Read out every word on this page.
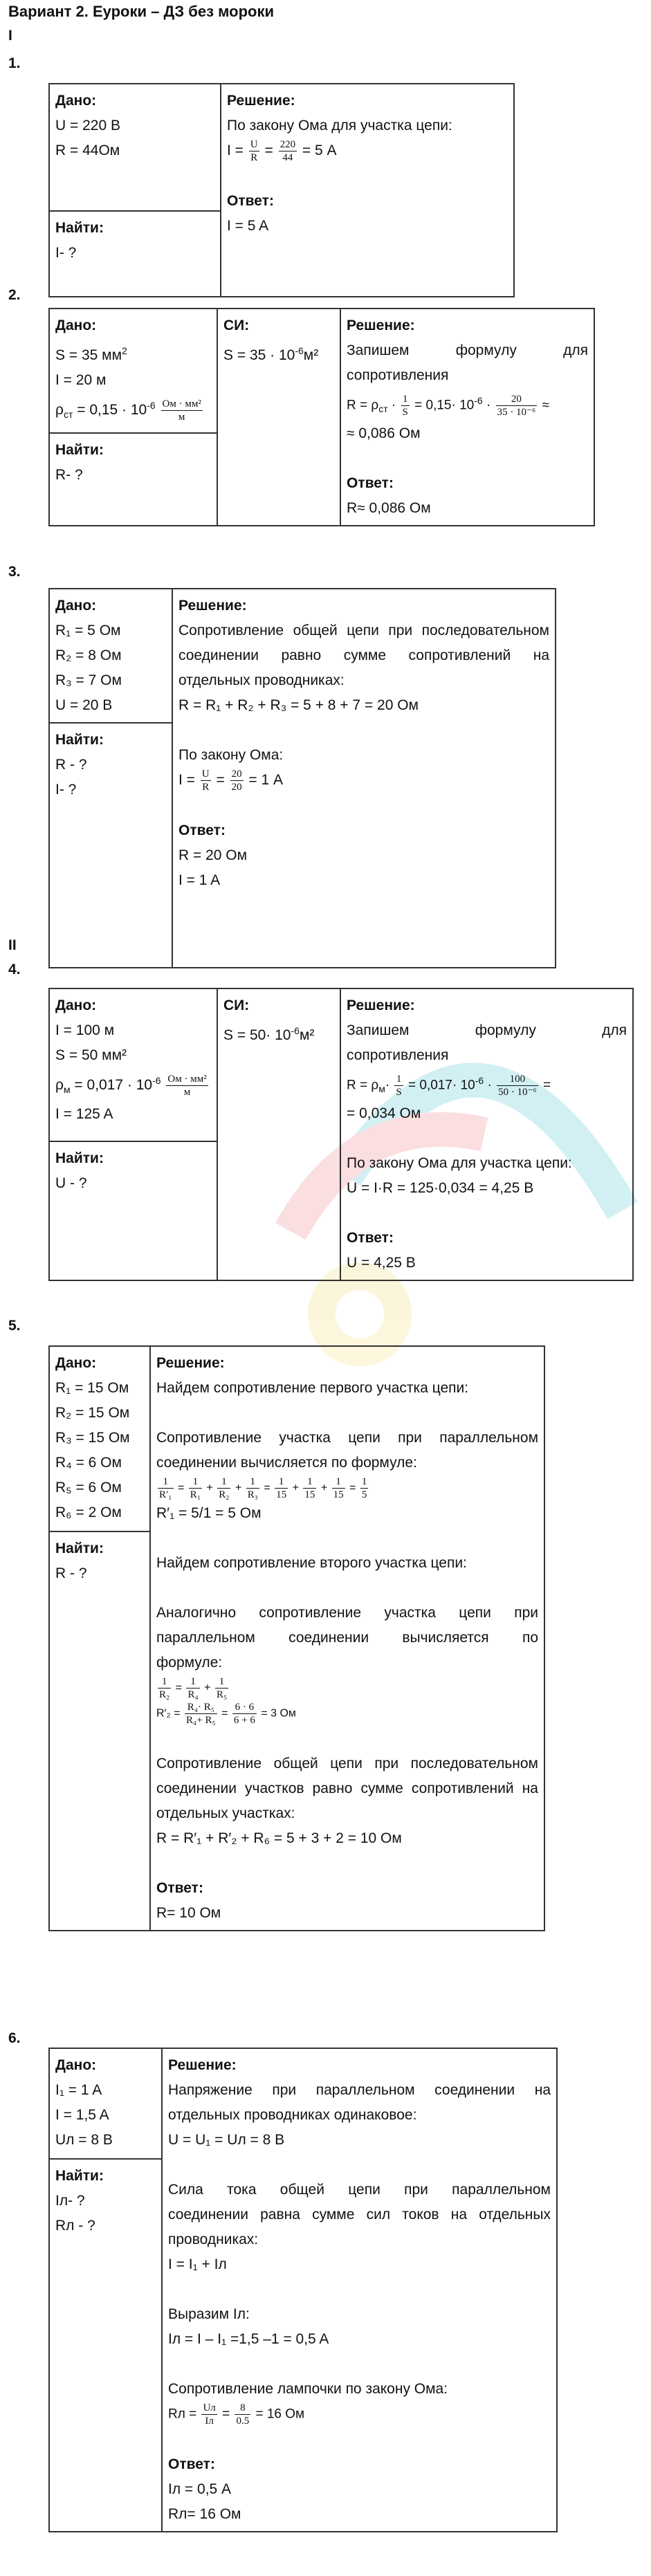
Вариант 2. Еуроки – ДЗ без мороки
I
1.
Дано:
U = 220 В
R = 44Ом

Решение:
По закону Ома для участка цепи:
$I = \frac{U}{R} = \frac{220}{44} = 5$ А
Ответ:
I = 5 A

Найти:
I- ?
2.
Дано:
S = 35 $мм^2$
I = 20 м
$\rho_{ст} = 0,15 \cdot 10^{-6} \frac{\text{Ом · мм²}}{м}$

СИ:
$S = 35 \cdot 10^{-6}м^2$

Решение:
Запишем	формулу	для
сопротивления
$R = \rho_{ст} \cdot \frac{1}{S} = 0,15\cdot 10^{-6} \cdot \frac{20}{\text{35 · 10⁻⁶}}$ ≈
≈ 0,086 Ом
Ответ:
R≈ 0,086 Ом

Найти:
R- ?
3.
Дано:
R₁ = 5 Ом
R₂ = 8 Ом
R₃ = 7 Ом
U = 20 В

Решение:
Сопротивление общей цепи при последовательном
соединении равно сумме сопротивлений на
отдельных проводниках:
R = R₁ + R₂ + R₃ = 5 + 8 + 7 = 20 Ом
По закону Ома:
$I = \frac{U}{R} = \frac{20}{20} = 1$ А
Ответ:
R = 20 Ом
I = 1 A

Найти:
R - ?
I- ?
II
4.
Дано:
I = 100 м
S = 50 мм²
$\rho_м = 0,017 \cdot 10^{-6} \frac{\text{Ом · мм²}}{м}$
I = 125 A

СИ:
$S = 50\cdot 10^{-6}м^2$

Решение:
Запишем	формулу	для
сопротивления
$R = \rho_м\cdot \frac{1}{S} = 0,017\cdot 10^{-6} \cdot \frac{100}{\text{50 · 10⁻⁶}}$ =
= 0,034 Ом
По закону Ома для участка цепи:
U = I·R = 125·0,034 = 4,25 В
Ответ:
U = 4,25 В

Найти:
U - ?
5.
Дано:
R₁ = 15 Ом
R₂ = 15 Ом
R₃ = 15 Ом
R₄ = 6 Ом
R₅ = 6 Ом
R₆ = 2 Ом

Решение:
Найдем сопротивление первого участка цепи:
Сопротивление участка цепи при параллельном
соединении вычисляется по формуле:
$\frac{1}{\text{R′₁}} = \frac{1}{\text{R₁}} + \frac{1}{\text{R₂}} + \frac{1}{\text{R₃}} = \frac{1}{15} + \frac{1}{15} + \frac{1}{15} = \frac{1}{5}$
R′₁ = 5/1 = 5 Ом
Найдем сопротивление второго участка цепи:
Аналогично сопротивление участка цепи при
параллельном соединении вычисляется по
формуле:
$\frac{1}{\text{R₂}} = \frac{1}{\text{R₄}} + \frac{1}{\text{R₅}}$
$R'_2 = \frac{\text{R₄· R₅}}{\text{R₄+ R₅}} = \frac{6 \cdot 6}{6 + 6} = 3$ Ом
Сопротивление общей цепи при последовательном
соединении участков равно сумме сопротивлений на
отдельных участках:
R = R′₁ + R′₂ + R₆ = 5 + 3 + 2 = 10 Ом
Ответ:
R= 10 Ом

Найти:
R - ?
6.
Дано:
I₁ = 1 A
I = 1,5 A
Uл = 8 В

Решение:
Напряжение при параллельном соединении на
отдельных проводниках одинаковое:
U = U₁ = Uл = 8 В
Сила тока общей цепи при параллельном
соединении равна сумме сил токов на отдельных
проводниках:
I = I₁ + Iл
Выразим Iл:
Iл = I – I₁ =1,5 –1 = 0,5 A
Сопротивление лампочки по закону Ома:
Rл = $\frac{Uл}{Iл} = \frac{8}{0.5} = 16$ Ом
Ответ:
Iл = 0,5 A
Rл= 16 Ом

Найти:
Iл- ?
Rл - ?
